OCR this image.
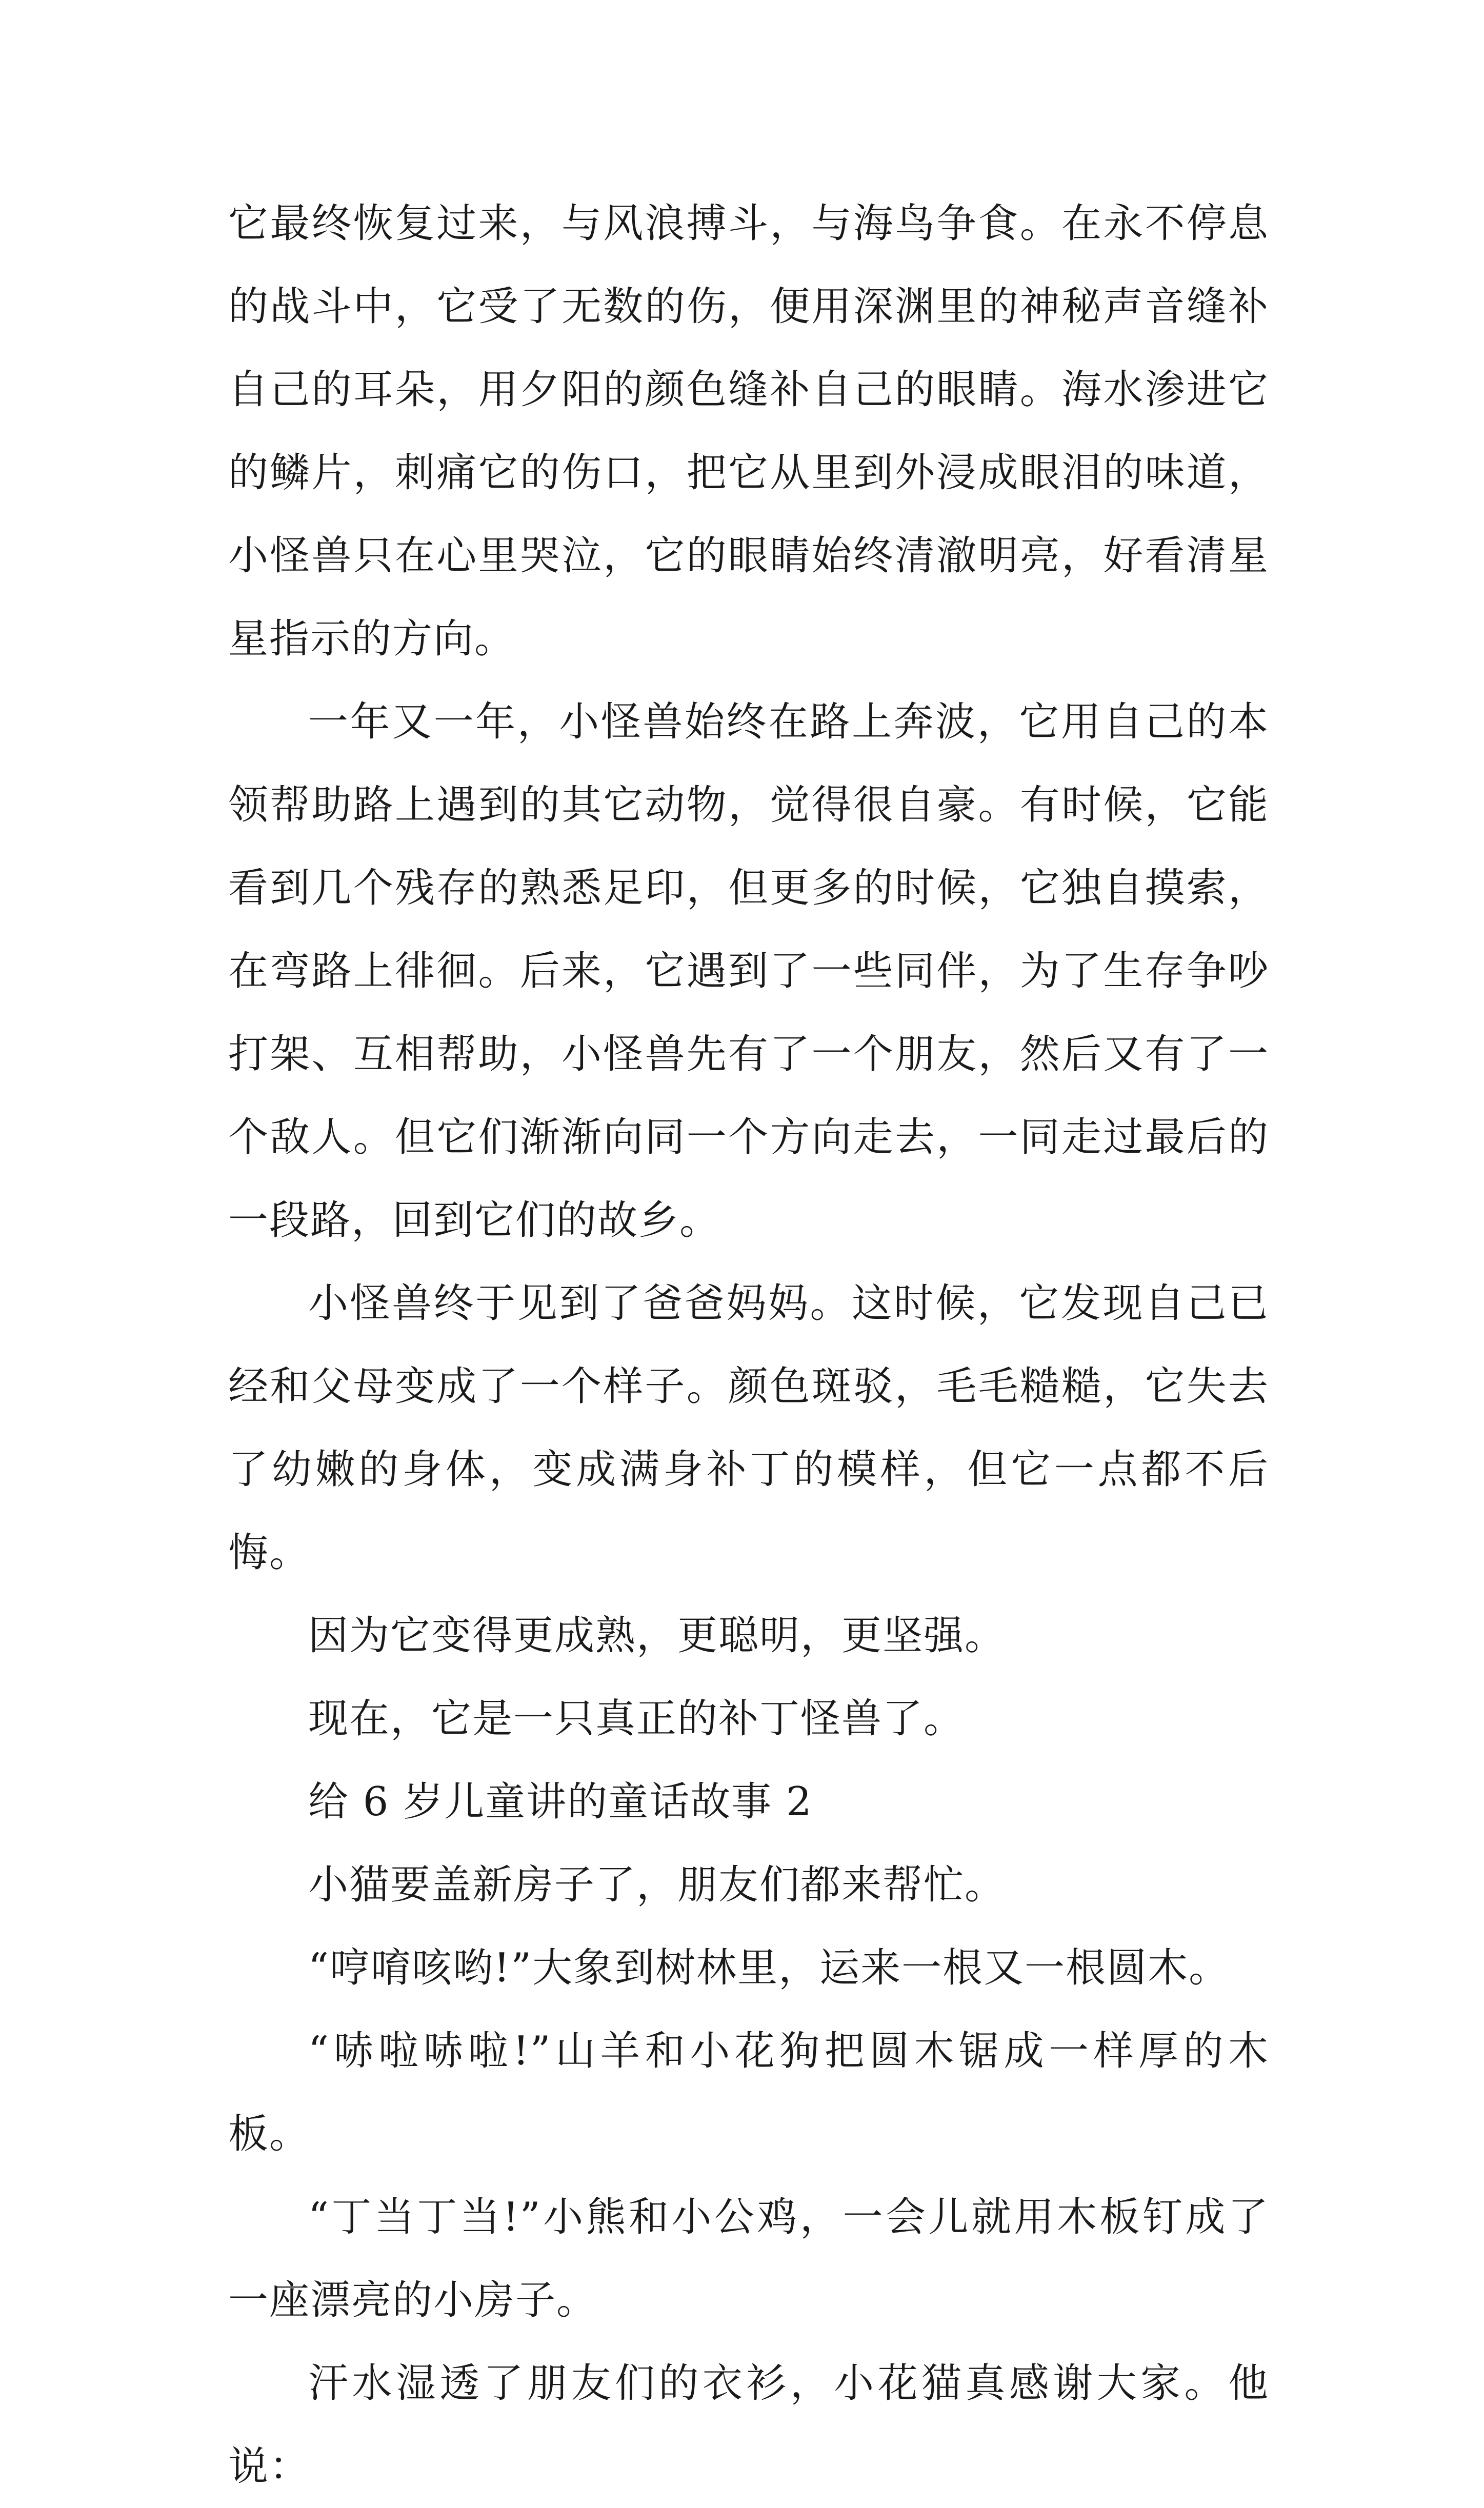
它最终恢复过来，与风浪搏斗，与海鸟争食。在永不停息的战斗中，它受了无数的伤，便用深渊里的神秘声音缝补自己的耳朵，用夕阳的颜色缝补自己的眼睛。海水渗进它的鳞片，刺痛它的伤口，把它从里到外浸成眼泪的味道，小怪兽只在心里哭泣，它的眼睛始终清澈明亮，好看清星星指示的方向。

一年又一年，小怪兽始终在路上奔波，它用自己的本领帮助路上遇到的其它动物，觉得很自豪。有时候，它能看到几个残存的熟悉足印，但更多的时候，它独自摸索，在弯路上徘徊。后来，它遇到了一些同伴，为了生存争吵打架、互相帮助，小怪兽先有了一个朋友，然后又有了一个敌人。但它们渐渐向同一个方向走去，一同走过最后的一段路，回到它们的故乡。

小怪兽终于见到了爸爸妈妈。这时候，它发现自己已经和父母变成了一个样子。颜色斑驳，毛毛糙糙，它失去了幼嫩的身体，变成满身补丁的模样，但它一点都不后悔。

因为它变得更成熟，更聪明，更坚强。

现在，它是一只真正的补丁怪兽了。

给 6 岁儿童讲的童话故事 2

小猫要盖新房子了，朋友们都来帮忙。

“哼唷咳哟!”大象到树林里，运来一根又一根圆木。

“哧啦哧啦!”山羊和小花狗把圆木锯成一样厚的木板。

“丁当丁当!”小熊和小公鸡，一会儿就用木板钉成了一座漂亮的小房子。

汗水湿透了朋友们的衣衫，小花猫真感谢大家。他说：
